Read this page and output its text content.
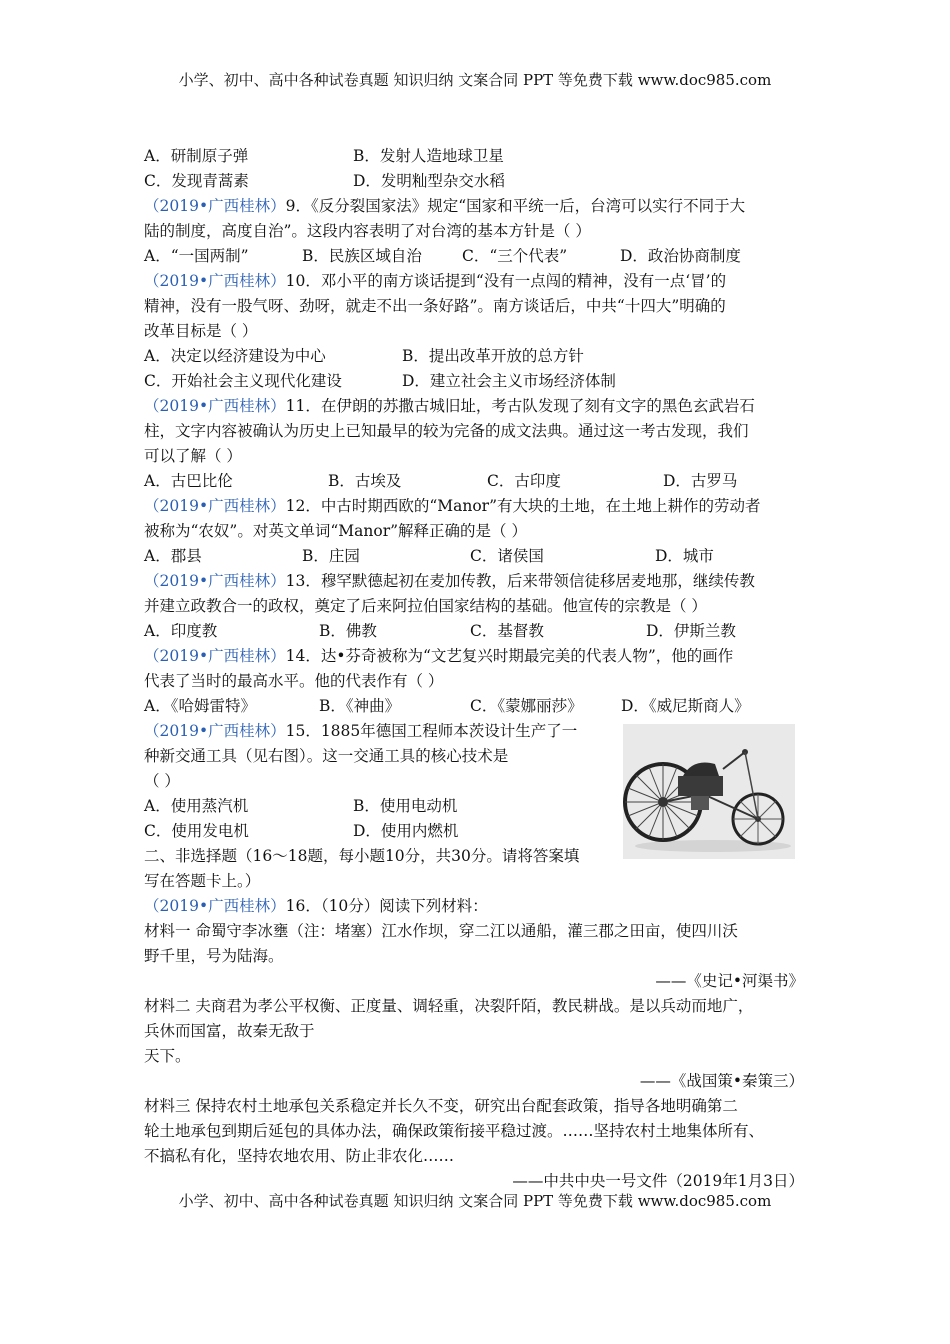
小学、初中、高中各种试卷真题 知识归纳 文案合同 PPT 等免费下载 www.doc985.com
A．研制原子弹	B．发射人造地球卫星
C．发现青蒿素	D．发明籼型杂交水稻
（2019•广西桂林）9．《反分裂国家法》规定“国家和平统一后，台湾可以实行不同于大
陆的制度，高度自治”。这段内容表明了对台湾的基本方针是（ ）
A．“一国两制”	B．民族区域自治	C．“三个代表”	D．政治协商制度
（2019•广西桂林）10．邓小平的南方谈话提到“没有一点闯的精神，没有一点‘冒’的
精神，没有一股气呀、劲呀，就走不出一条好路”。南方谈话后，中共“十四大”明确的
改革目标是（ ）
A．决定以经济建设为中心	B．提出改革开放的总方针
C．开始社会主义现代化建设	D．建立社会主义市场经济体制
（2019•广西桂林）11．在伊朗的苏撒古城旧址，考古队发现了刻有文字的黑色玄武岩石
柱，文字内容被确认为历史上已知最早的较为完备的成文法典。通过这一考古发现，我们
可以了解（ ）
A．古巴比伦	B．古埃及	C．古印度	D．古罗马
（2019•广西桂林）12．中古时期西欧的“Manor”有大块的土地，在土地上耕作的劳动者
被称为“农奴”。对英文单词“Manor”解释正确的是（ ）
A．郡县	B．庄园	C．诸侯国	D．城市
（2019•广西桂林）13．穆罕默德起初在麦加传教，后来带领信徒移居麦地那，继续传教
并建立政教合一的政权，奠定了后来阿拉伯国家结构的基础。他宣传的宗教是（ ）
A．印度教	B．佛教	C．基督教	D．伊斯兰教
（2019•广西桂林）14．达•芬奇被称为“文艺复兴时期最完美的代表人物”，他的画作
代表了当时的最高水平。他的代表作有（ ）
A．《哈姆雷特》	B．《神曲》	C．《蒙娜丽莎》 D．《威尼斯商人》
（2019•广西桂林）15．1885年德国工程师本茨设计生产了一
种新交通工具（见右图）。这一交通工具的核心技术是
（ ）
A．使用蒸汽机	B．使用电动机
C．使用发电机	D．使用内燃机
二、非选择题（16～18题，每小题10分，共30分。请将答案填
写在答题卡上。）
（2019•广西桂林）16．（10分）阅读下列材料：
材料一 命蜀守李冰壅（注：堵塞）江水作坝，穿二江以通船，灌三郡之田亩，使四川沃
野千里，号为陆海。
——《史记•河渠书》
材料二 夫商君为孝公平权衡、正度量、调轻重，决裂阡陌，教民耕战。是以兵动而地广，
兵休而国富，故秦无敌于
天下。
——《战国策•秦策三）
材料三 保持农村土地承包关系稳定并长久不变，研究出台配套政策，指导各地明确第二
轮土地承包到期后延包的具体办法，确保政策衔接平稳过渡。……坚持农村土地集体所有、
不搞私有化，坚持农地农用、防止非农化……
——中共中央一号文件（2019年1月3日）
小学、初中、高中各种试卷真题 知识归纳 文案合同 PPT 等免费下载 www.doc985.com
